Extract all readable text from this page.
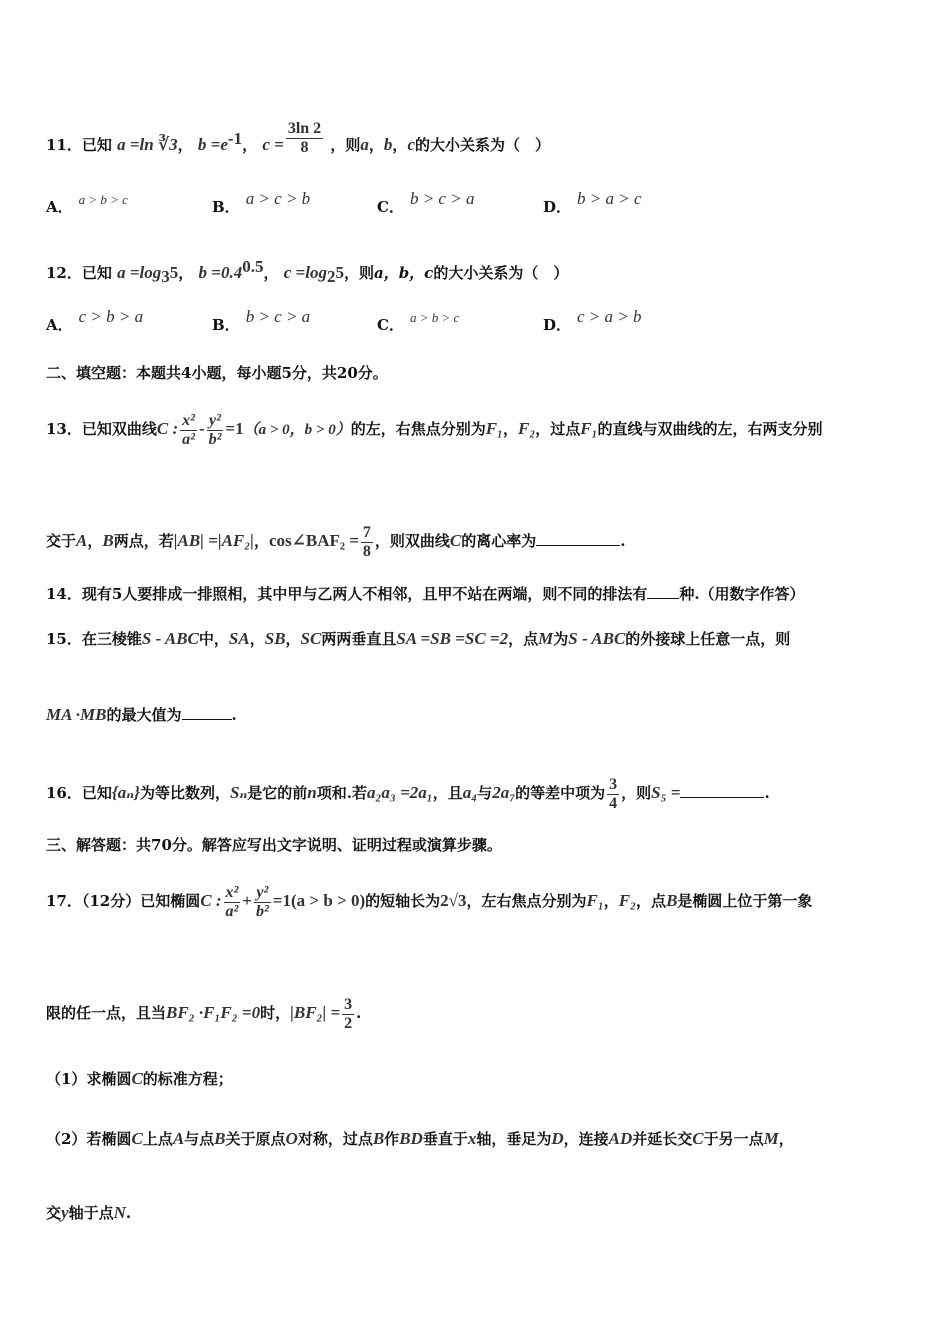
11．已知 a =ln ∛3， $b =e^{-1}$， $c = \frac{3\ln 2}{8}$ ，则a，b，c的大小关系为（　）
A． a > b > c	B． a > c > b	C． b > c > a	D． b > a > c
12．已知 $a =\log_35$， $b =0.4^{0.5}$， $c =\log_25$，则a，b，c的大小关系为（　）
A． c > b > a	B． b > c > a	C． a > b > c	D． c > a > b
二、填空题：本题共4小题，每小题5分，共20分。
13．已知双曲线C : $\frac{\text{x²}}{\text{a²}} - \frac{\text{y²}}{\text{b²}} =1(a > 0$，b > 0）的左，右焦点分别为F₁，F₂，过点F₁的直线与双曲线的左，右两支分别
交于A，B两点，若|AB| =|AF₂|，cos∠BAF₂ = $\frac{7}{8}$ ，则双曲线C的离心率为	.
14．现有5人要排成一排照相，其中甲与乙两人不相邻，且甲不站在两端，则不同的排法有 种.（用数字作答）
15．在三棱锥S - ABC中，SA，SB，SC两两垂直且SA =SB =SC =2，点M为S - ABC的外接球上任意一点，则
MA ·MB的最大值为	.
16．已知{aₙ}为等比数列，Sₙ是它的前n项和.若a₂a₃ =2a₁，且a₄与2a₇的等差中项为 $\frac{3}{4}$ ，则S₅ =	.
三、解答题：共70分。解答应写出文字说明、证明过程或演算步骤。
17．（12分）已知椭圆C : $\frac{\text{x²}}{\text{a²}} + \frac{\text{y²}}{\text{b²}} =1(a > b > 0)$的短轴长为2√3，左右焦点分别为F₁，F₂，点B是椭圆上位于第一象
限的任一点，且当BF₂ ·F₁F₂ =0时，$|BF_2| = \frac{3}{2}$ .
（1）求椭圆C的标准方程；
（2）若椭圆C上点A与点B关于原点O对称，过点B作BD垂直于x轴，垂足为D，连接AD并延长交C于另一点M，
交y轴于点N.
